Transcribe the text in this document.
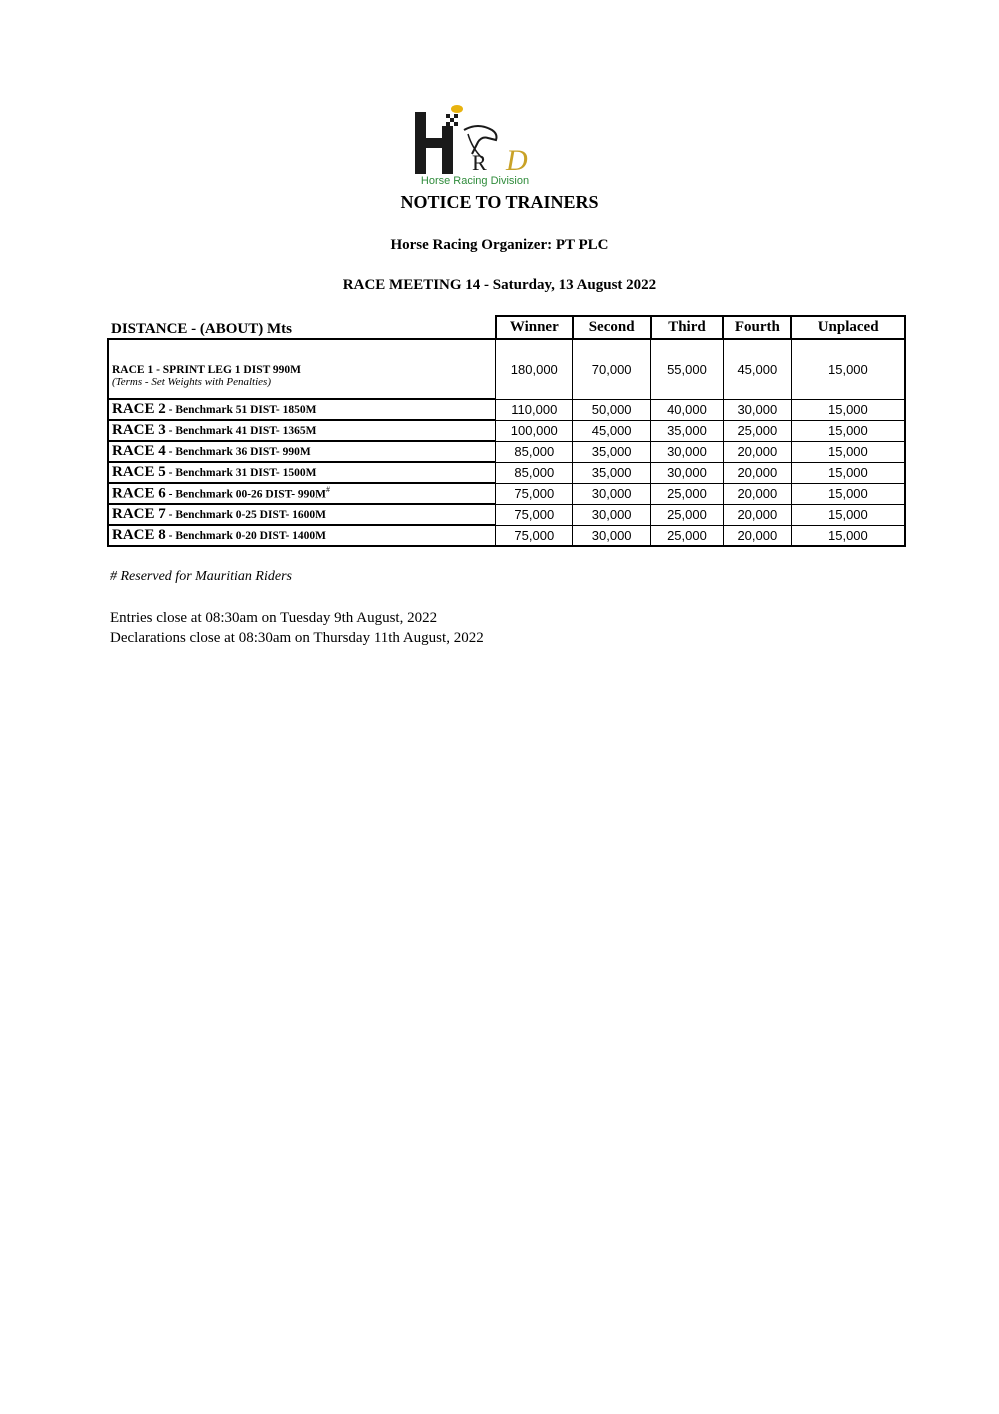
R D
Horse Racing Division
NOTICE TO TRAINERS
Horse Racing Organizer: PT PLC
RACE MEETING 14 - Saturday, 13 August 2022
DISTANCE - (ABOUT) Mts	Winner	Second	Third	Fourth	Unplaced

RACE 1 - SPRINT LEG 1 DIST 990M
(Terms - Set Weights with Penalties)	180,000	70,000	55,000	45,000	15,000
RACE 2 - Benchmark 51 DIST- 1850M	110,000	50,000	40,000	30,000	15,000
RACE 3 - Benchmark 41 DIST- 1365M	100,000	45,000	35,000	25,000	15,000
RACE 4 - Benchmark 36 DIST- 990M	85,000	35,000	30,000	20,000	15,000
RACE 5 - Benchmark 31 DIST- 1500M	85,000	35,000	30,000	20,000	15,000
RACE 6 - Benchmark 00-26 DIST- 990M#	75,000	30,000	25,000	20,000	15,000
RACE 7 - Benchmark 0-25 DIST- 1600M	75,000	30,000	25,000	20,000	15,000
RACE 8 - Benchmark 0-20 DIST- 1400M	75,000	30,000	25,000	20,000	15,000
# Reserved for Mauritian Riders
Entries close at 08:30am on Tuesday 9th August, 2022
Declarations close at 08:30am on Thursday 11th August, 2022
